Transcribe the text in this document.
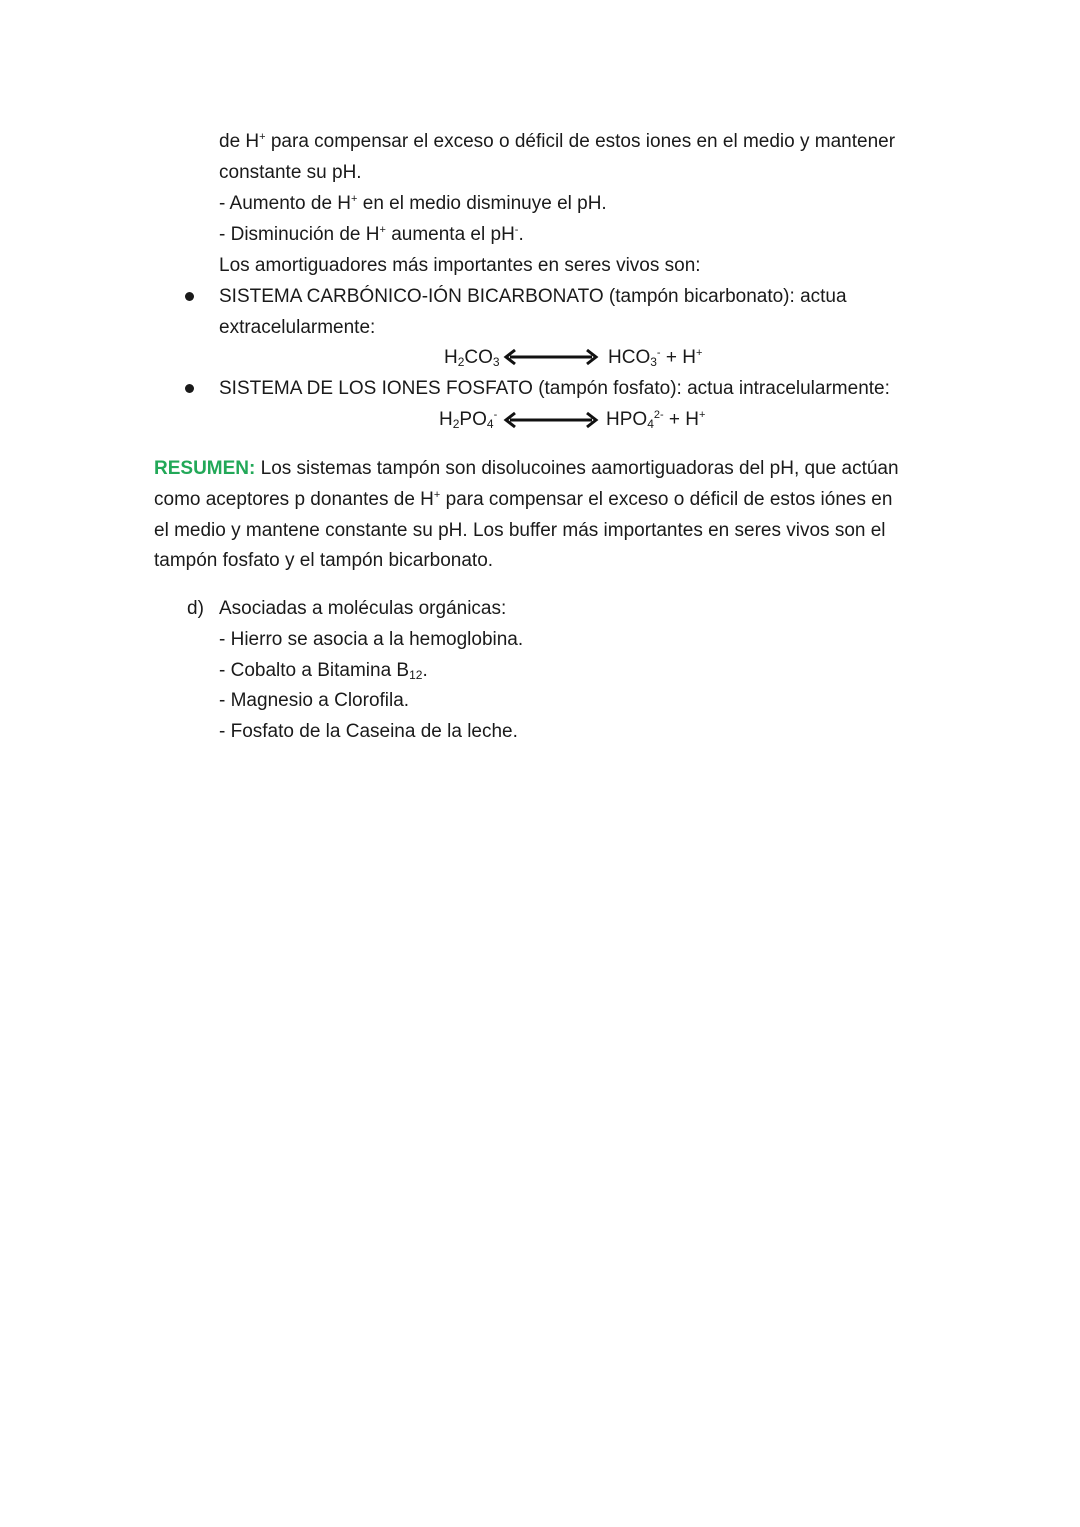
de H+ para compensar el exceso o déficil de estos iones en el medio y mantener
constante su pH.
- Aumento de H+ en el medio disminuye el pH.
- Disminución de H+ aumenta el pH-.
Los amortiguadores más importantes en seres vivos son:
SISTEMA CARBÓNICO-IÓN BICARBONATO (tampón bicarbonato): actua
extracelularmente:
$H_2CO_3$	$HCO_3^- + H^+$
SISTEMA DE LOS IONES FOSFATO (tampón fosfato): actua intracelularmente:
$H_2PO_4^-$	$HPO_4^{2-} + H^+$
RESUMEN: Los sistemas tampón son disolucoines aamortiguadoras del pH, que actúan
como aceptores p donantes de H+ para compensar el exceso o déficil de estos iónes en
el medio y mantene constante su pH. Los buffer más importantes en seres vivos son el
tampón fosfato y el tampón bicarbonato.
d) Asociadas a moléculas orgánicas:
- Hierro se asocia a la hemoglobina.
- Cobalto a Bitamina $B_{12}$.
- Magnesio a Clorofila.
- Fosfato de la Caseina de la leche.
